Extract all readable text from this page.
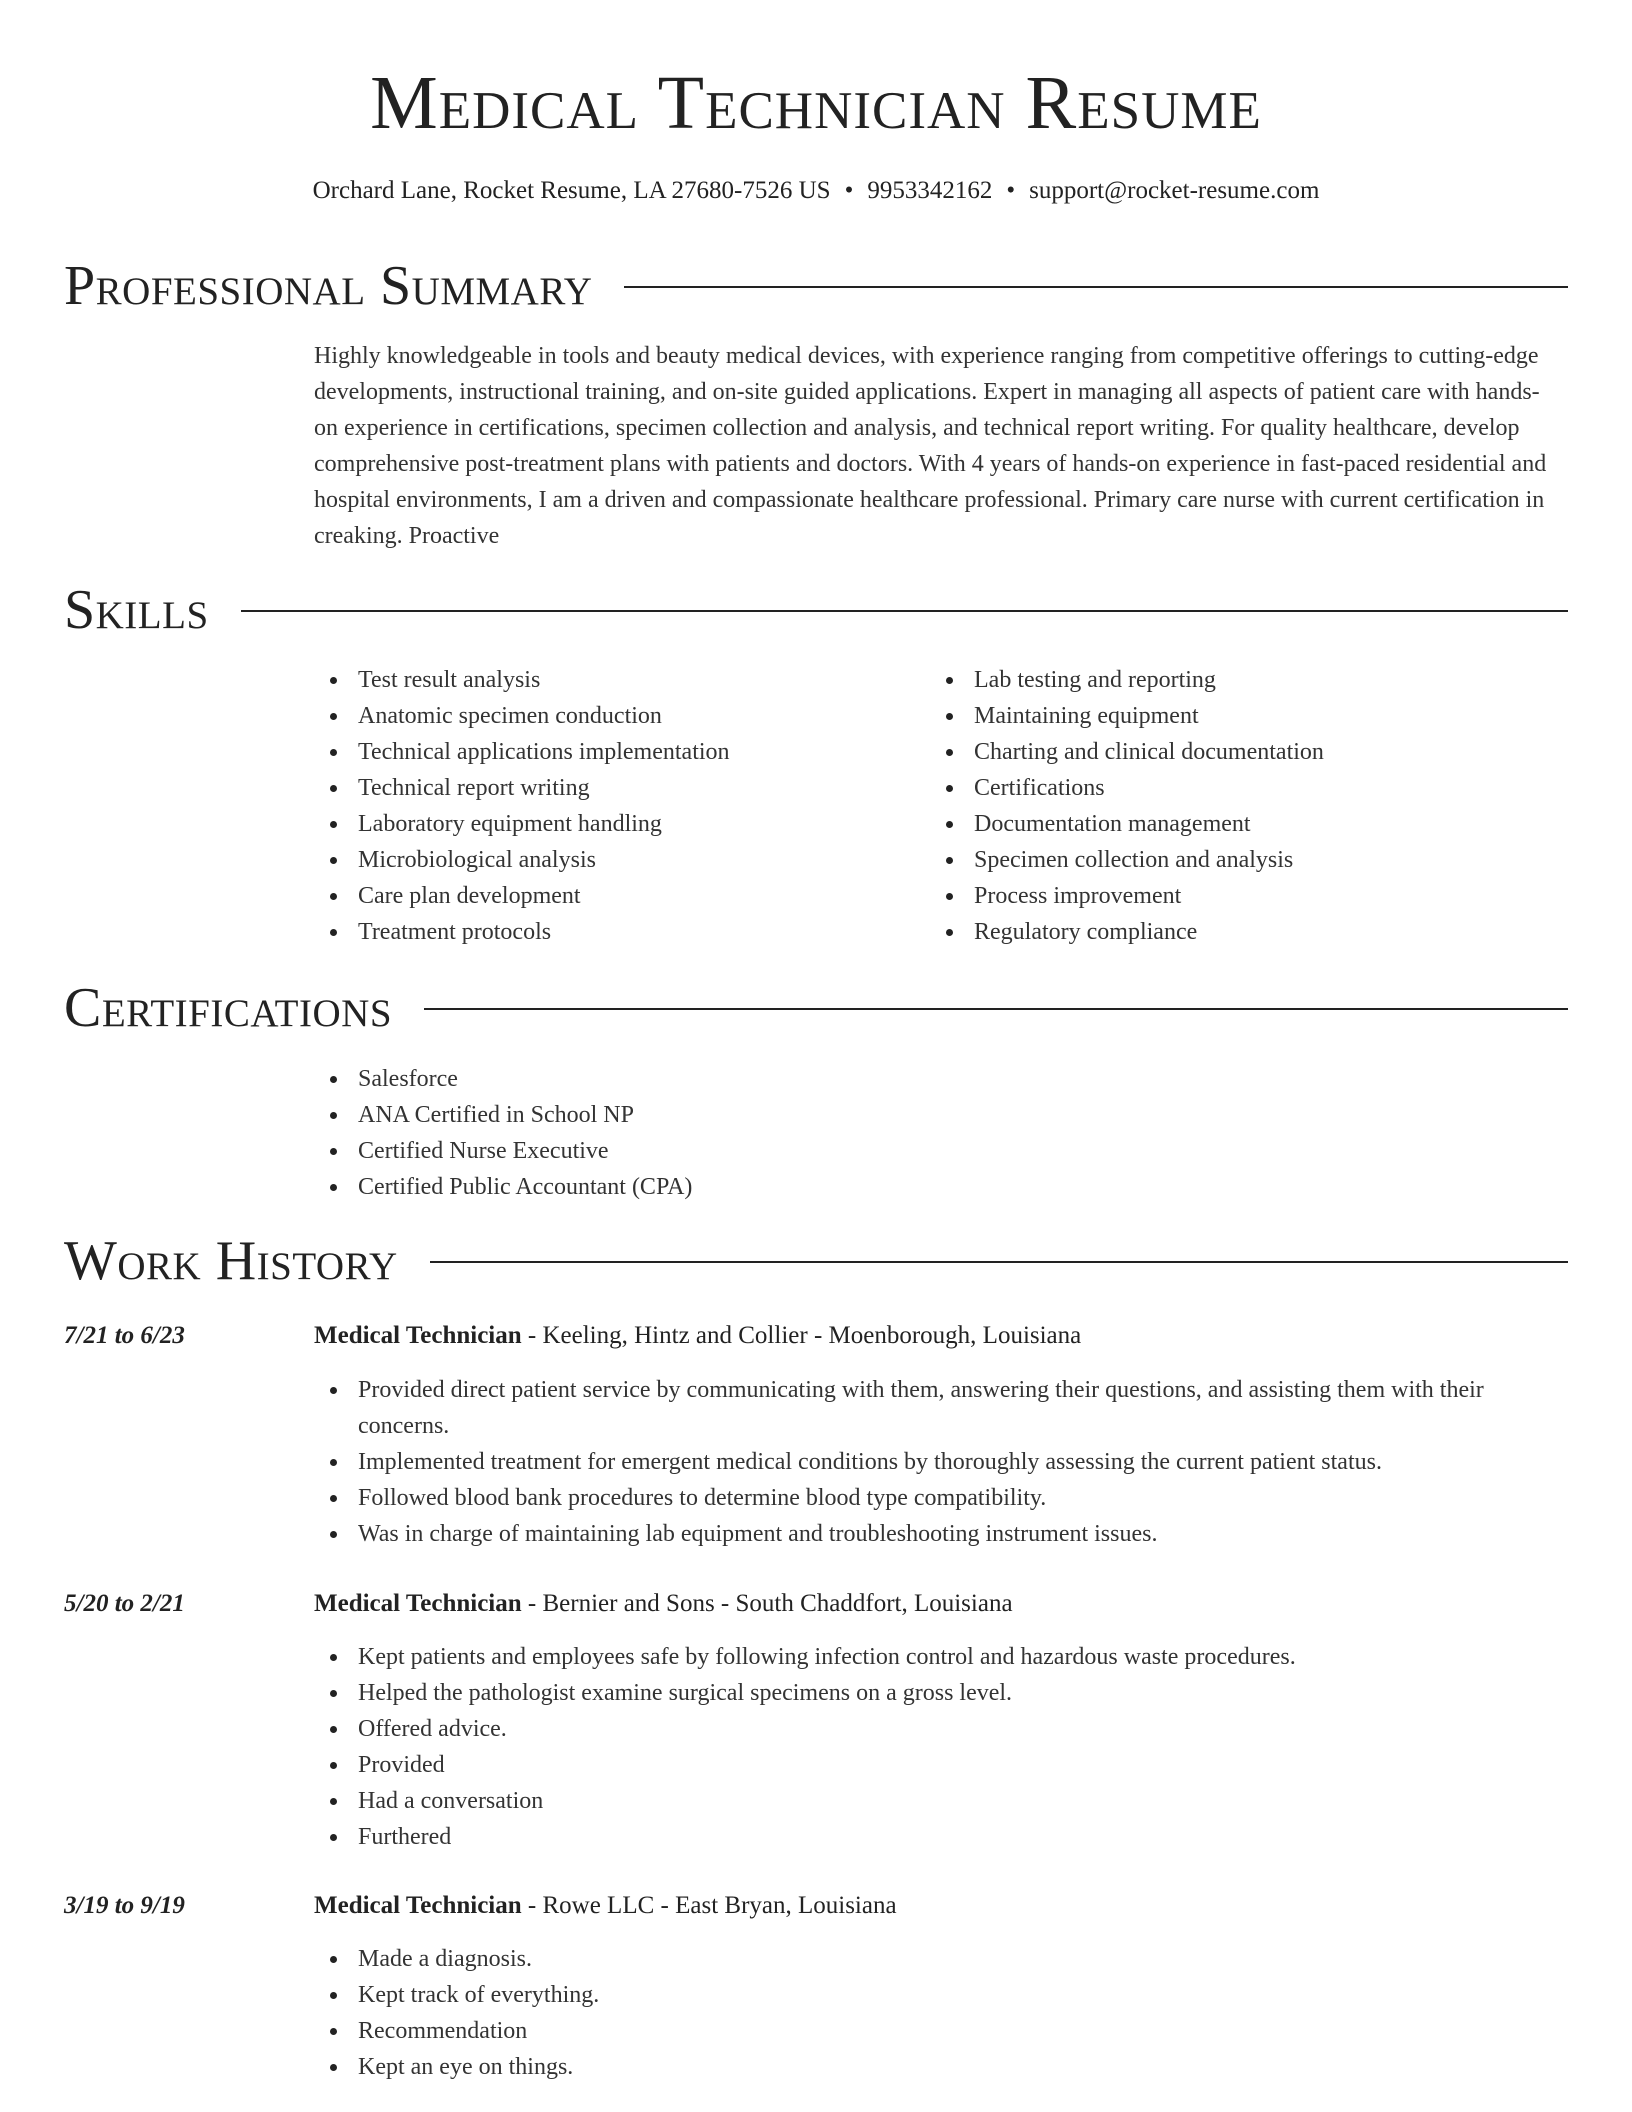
Medical Technician Resume
Orchard Lane, Rocket Resume, LA 27680-7526 US • 9953342162 • support@rocket-resume.com
Professional Summary

Highly knowledgeable in tools and beauty medical devices, with experience ranging from competitive offerings to cutting-edge developments, instructional training, and on-site guided applications. Expert in managing all aspects of patient care with hands-on experience in certifications, specimen collection and analysis, and technical report writing. For quality healthcare, develop comprehensive post-treatment plans with patients and doctors. With 4 years of hands-on experience in fast-paced residential and hospital environments, I am a driven and compassionate healthcare professional. Primary care nurse with current certification in creaking. Proactive

Skills
Test result analysis
Anatomic specimen conduction
Technical applications implementation
Technical report writing
Laboratory equipment handling
Microbiological analysis
Care plan development
Treatment protocols
Lab testing and reporting
Maintaining equipment
Charting and clinical documentation
Certifications
Documentation management
Specimen collection and analysis
Process improvement
Regulatory compliance
Certifications
Salesforce
ANA Certified in School NP
Certified Nurse Executive
Certified Public Accountant (CPA)
Work History
7/21 to 6/23	Medical Technician - Keeling, Hintz and Collier - Moenborough, Louisiana
Provided direct patient service by communicating with them, answering their questions, and assisting them with their concerns.
Implemented treatment for emergent medical conditions by thoroughly assessing the current patient status.
Followed blood bank procedures to determine blood type compatibility.
Was in charge of maintaining lab equipment and troubleshooting instrument issues.
5/20 to 2/21	Medical Technician - Bernier and Sons - South Chaddfort, Louisiana
Kept patients and employees safe by following infection control and hazardous waste procedures.
Helped the pathologist examine surgical specimens on a gross level.
Offered advice.
Provided
Had a conversation
Furthered
3/19 to 9/19	Medical Technician - Rowe LLC - East Bryan, Louisiana
Made a diagnosis.
Kept track of everything.
Recommendation
Kept an eye on things.
